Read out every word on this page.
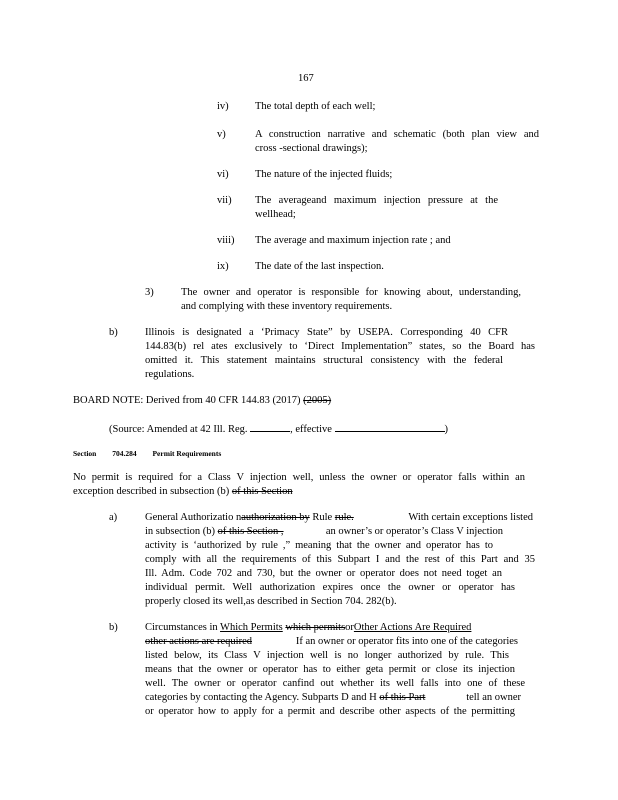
167
iv)	The total depth of each well;
v)	A construction narrative and schematic (both plan view and
cross -sectional drawings);
vi)	The nature of the injected fluids;
vii) The averageand maximum injection pressure at the
wellhead;
viii) The average and maximum injection rate ; and
ix)	The date of the last inspection.
3)	The owner and operator is responsible for knowing about, understanding,
and complying with these inventory requirements.
b)	Illinois is designated a ‘Primacy State” by USEPA. Corresponding 40 CFR
144.83(b) rel ates exclusively to ‘Direct Implementation” states, so the Board has
omitted it. This statement maintains structural consistency with the federal
regulations.
BOARD NOTE: Derived from 40 CFR 144.83 (2017) (2005)
(Source: Amended at 42 Ill. Reg.	, effective	)
Section 704.284 Permit Requirements
No permit is required for a Class V injection well, unless the owner or operator falls within an
exception described in subsection (b) of this Section
a)	General Authorizatio nauthorization by Rule rule.	With certain exceptions listed
in subsection (b) of this Section ,	an owner’s or operator’s Class V injection
activity is ‘authorized by rule ,” meaning that the owner and operator has to
comply with all the requirements of this Subpart I and the rest of this Part and 35
Ill. Adm. Code 702 and 730, but the owner or operator does not need toget an
individual permit. Well authorization expires once the owner or operator has
properly closed its well,as described in Section 704. 282(b).
b)	Circumstances in Which Permits which permitsorOther Actions Are Required
other actions are required	If an owner or operator fits into one of the categories
listed below, its Class V injection well is no longer authorized by rule. This
means that the owner or operator has to either geta permit or close its injection
well. The owner or operator canfind out whether its well falls into one of these
categories by contacting the Agency. Subparts D and H of this Part	tell an owner
or operator how to apply for a permit and describe other aspects of the permitting
